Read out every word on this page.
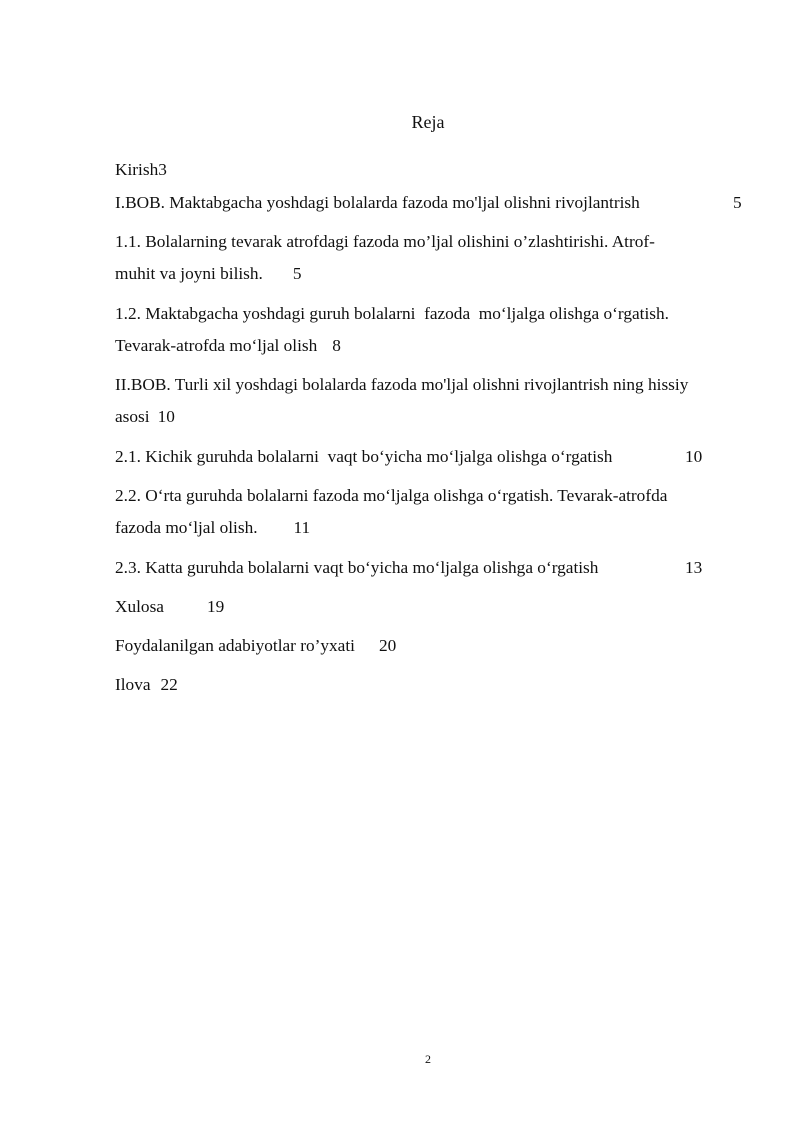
Reja
Kirish3
I.BOB. Maktabgacha yoshdagi bolalarda fazoda mo'ljal olishni rivojlantrish	5
1.1. Bolalarning tevarak atrofdagi fazoda mo’ljal olishini o’zlashtirishi. Atrof-
muhit va joyni bilish. 5
1.2. Maktabgacha yoshdagi guruh bolalarni  fazoda  mo‘ljalga olishga o‘rgatish.
Tevarak-atrofda mo‘ljal olish 8
II.BOB. Turli xil yoshdagi bolalarda fazoda mo'ljal olishni rivojlantrish ning hissiy
asosi 10
2.1. Kichik guruhda bolalarni  vaqt bo‘yicha mo‘ljalga olishga o‘rgatish	10
2.2. O‘rta guruhda bolalarni fazoda mo‘ljalga olishga o‘rgatish. Tevarak-atrofda
fazoda mo‘ljal olish. 11
2.3. Katta guruhda bolalarni vaqt bo‘yicha mo‘ljalga olishga o‘rgatish	13
Xulosa 19
Foydalanilgan adabiyotlar ro’yxati 20
Ilova 22
2
